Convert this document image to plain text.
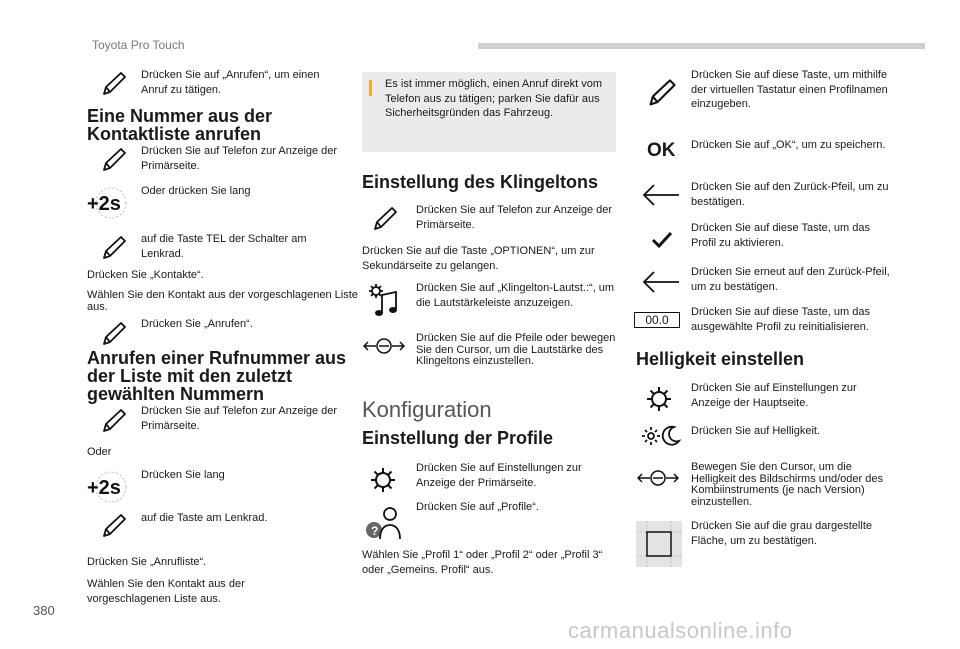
Toyota Pro Touch
Drücken Sie auf „Anrufen“, um einen Anruf zu tätigen.
Eine Nummer aus der Kontaktliste anrufen
Drücken Sie auf Telefon zur Anzeige der Primärseite.
+2s
Oder drücken Sie lang
auf die Taste TEL der Schalter am Lenkrad.
Drücken Sie „Kontakte“.
Wählen Sie den Kontakt aus der vorgeschlagenen Liste aus.
Drücken Sie „Anrufen“.
Anrufen einer Rufnummer aus der Liste mit den zuletzt gewählten Nummern
Drücken Sie auf Telefon zur Anzeige der Primärseite.
Oder
+2s
Drücken Sie lang
auf die Taste am Lenkrad.
Drücken Sie „Anrufliste“.
Wählen Sie den Kontakt aus der vorgeschlagenen Liste aus.
Es ist immer möglich, einen Anruf direkt vom Telefon aus zu tätigen; parken Sie dafür aus Sicherheitsgründen das Fahrzeug.
Einstellung des Klingeltons
Drücken Sie auf Telefon zur Anzeige der Primärseite.
Drücken Sie auf die Taste „OPTIONEN“, um zur Sekundärseite zu gelangen.
Drücken Sie auf „Klingelton-Lautst.:“, um die Lautstärkeleiste anzuzeigen.
Drücken Sie auf die Pfeile oder bewegen Sie den Cursor, um die Lautstärke des Klingeltons einzustellen.
Konfiguration
Einstellung der Profile
Drücken Sie auf Einstellungen zur Anzeige der Primärseite.
?
Drücken Sie auf „Profile“.
Wählen Sie „Profil 1“ oder „Profil 2“ oder „Profil 3“ oder „Gemeins. Profil“ aus.
Drücken Sie auf diese Taste, um mithilfe der virtuellen Tastatur einen Profilnamen einzugeben.
OK Drücken Sie auf „OK“, um zu speichern.
Drücken Sie auf den Zurück-Pfeil, um zu bestätigen.
Drücken Sie auf diese Taste, um das Profil zu aktivieren.
Drücken Sie erneut auf den Zurück-Pfeil, um zu bestätigen.
00.0
Drücken Sie auf diese Taste, um das ausgewählte Profil zu reinitialisieren.
Helligkeit einstellen
Drücken Sie auf Einstellungen zur Anzeige der Hauptseite.
Drücken Sie auf Helligkeit.
Bewegen Sie den Cursor, um die Helligkeit des Bildschirms und/oder des Kombiinstruments (je nach Version) einzustellen.
Drücken Sie auf die grau dargestellte Fläche, um zu bestätigen.
380
carmanualsonline.info
